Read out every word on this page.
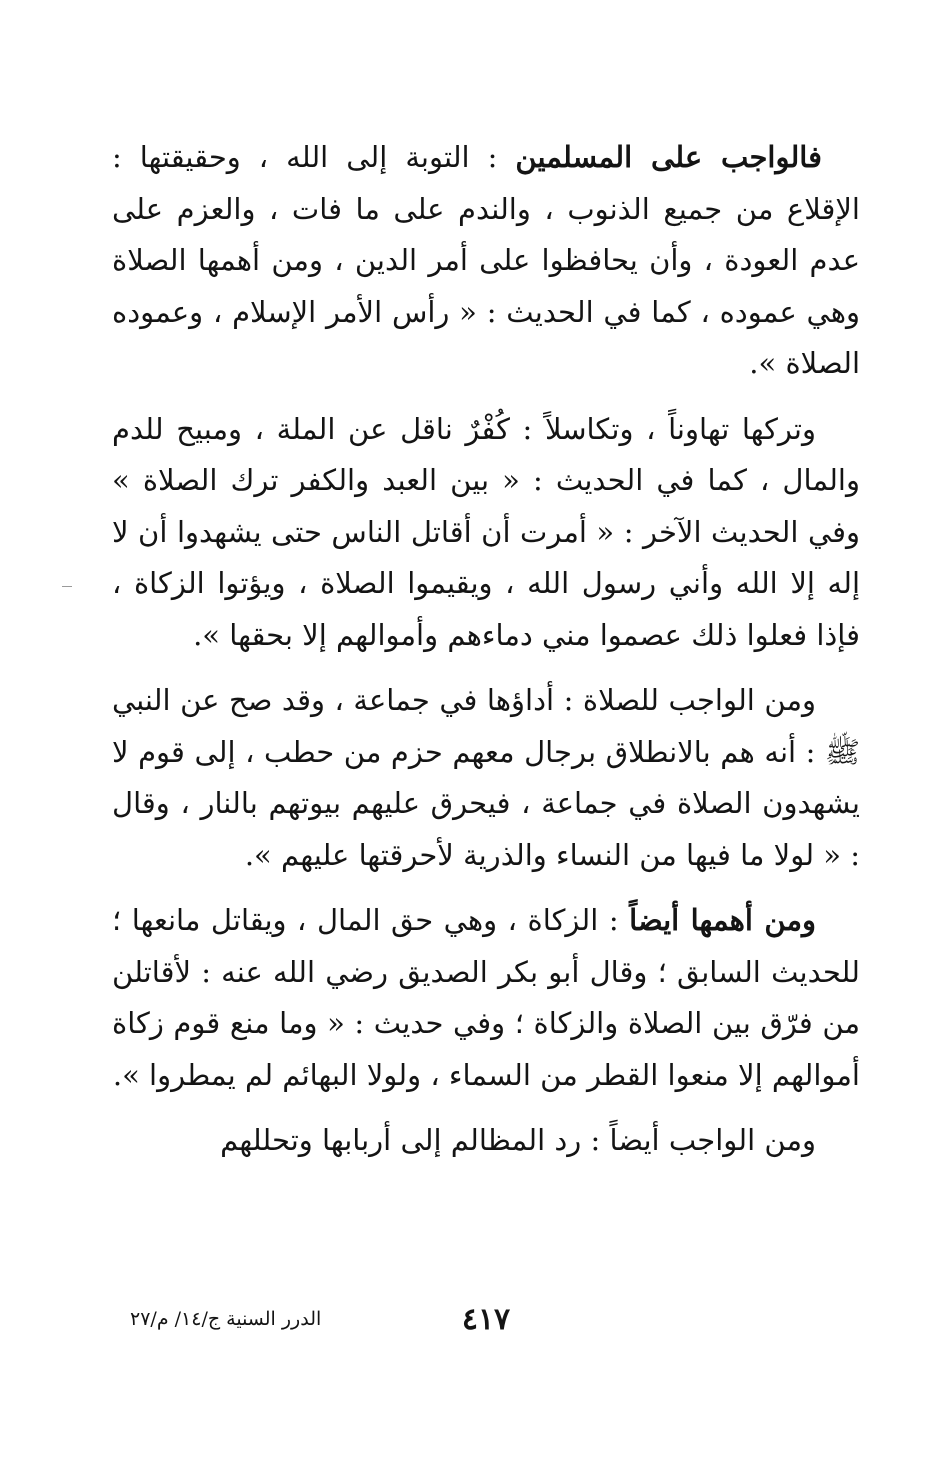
فالواجب على المسلمين : التوبة إلى الله ، وحقيقتها : الإقلاع من جميع الذنوب ، والندم على ما فات ، والعزم على عدم العودة ، وأن يحافظوا على أمر الدين ، ومن أهمها الصلاة وهي عموده ، كما في الحديث : « رأس الأمر الإسلام ، وعموده الصلاة ».

وتركها تهاوناً ، وتكاسلاً : كُفْرٌ ناقل عن الملة ، ومبيح للدم والمال ، كما في الحديث : « بين العبد والكفر ترك الصلاة » وفي الحديث الآخر : « أمرت أن أقاتل الناس حتى يشهدوا أن لا إله إلا الله وأني رسول الله ، ويقيموا الصلاة ، ويؤتوا الزكاة ، فإذا فعلوا ذلك عصموا مني دماءهم وأموالهم إلا بحقها ».

ومن الواجب للصلاة : أداؤها في جماعة ، وقد صح عن النبي ﷺ : أنه هم بالانطلاق برجال معهم حزم من حطب ، إلى قوم لا يشهدون الصلاة في جماعة ، فيحرق عليهم بيوتهم بالنار ، وقال : « لولا ما فيها من النساء والذرية لأحرقتها عليهم ».

ومن أهمها أيضاً : الزكاة ، وهي حق المال ، ويقاتل مانعها ؛ للحديث السابق ؛ وقال أبو بكر الصديق رضي الله عنه : لأقاتلن من فرّق بين الصلاة والزكاة ؛ وفي حديث : « وما منع قوم زكاة أموالهم إلا منعوا القطر من السماء ، ولولا البهائم لم يمطروا ».

ومن الواجب أيضاً : رد المظالم إلى أربابها وتحللهم

٤١٧
الدرر السنية ج/١٤/ م/٢٧
